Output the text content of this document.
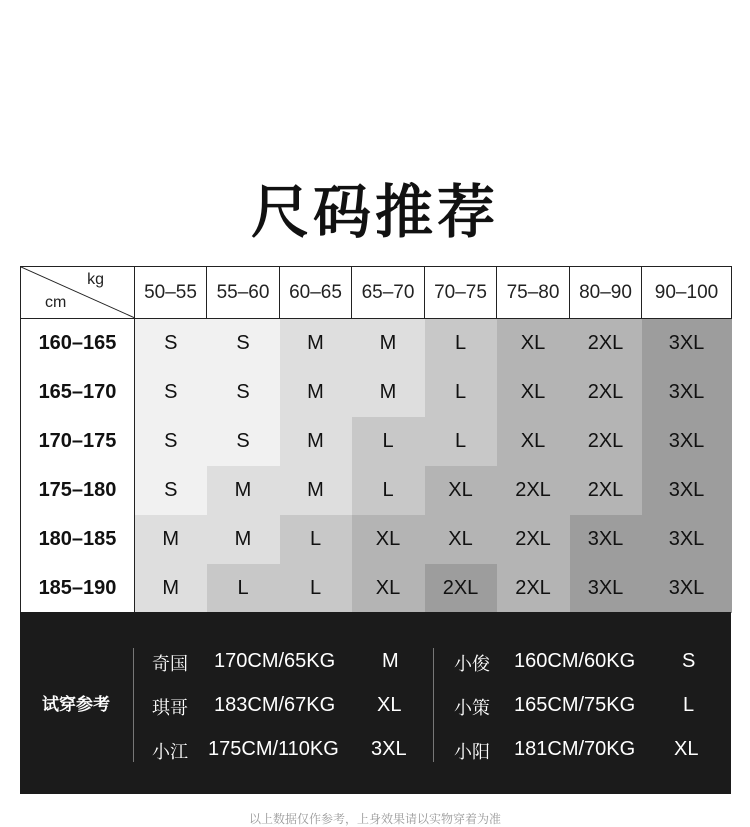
尺码推荐
kg
cm	50–55	55–60	60–65	65–70	70–75	75–80	80–90	90–100
160–165	S	S	M	M	L	XL	2XL	3XL
165–170	S	S	M	M	L	XL	2XL	3XL
170–175	S	S	M	L	L	XL	2XL	3XL
175–180	S	M	M	L	XL	2XL	2XL	3XL
180–185	M	M	L	XL	XL	2XL	3XL	3XL
185–190	M	L	L	XL	2XL	2XL	3XL	3XL
试穿参考
奇国 170CM/65KG M
琪哥 183CM/67KG XL
小江 175CM/110KG 3XL
小俊 160CM/60KG S
小策 165CM/75KG L
小阳 181CM/70KG XL
以上数据仅作参考，上身效果请以实物穿着为准
